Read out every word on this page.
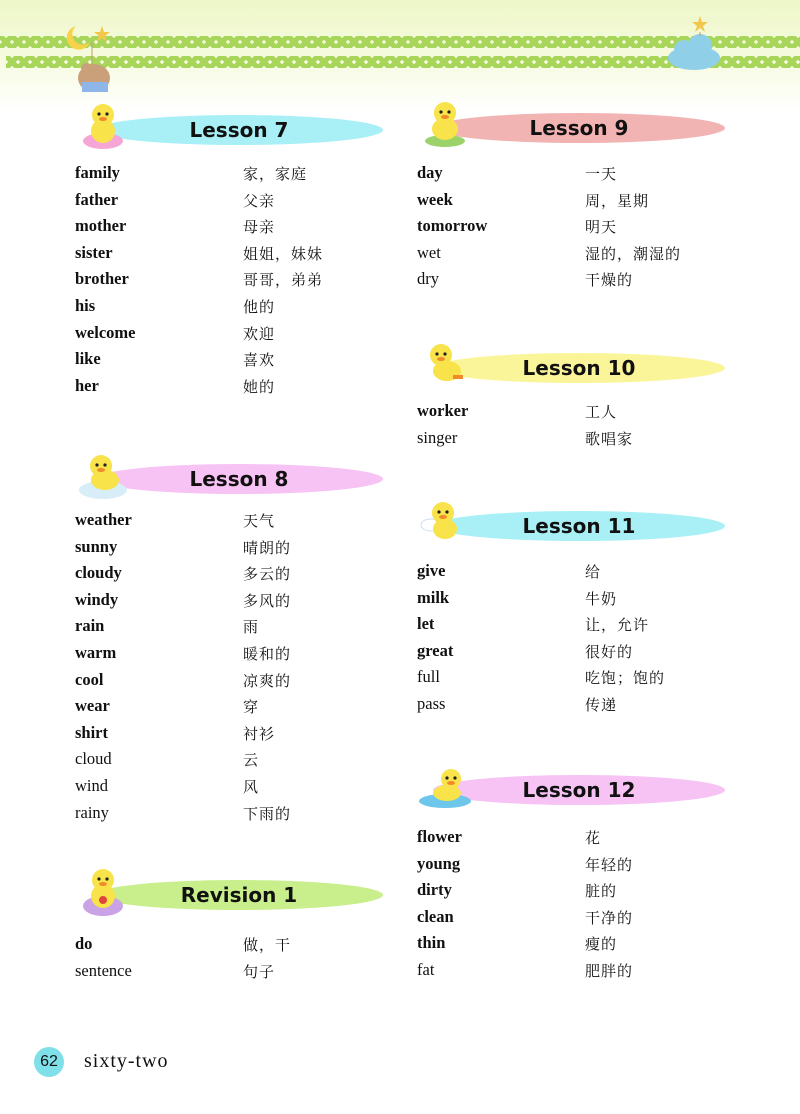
Lesson 7
family	家，家庭
father	父亲
mother	母亲
sister	姐姐，妹妹
brother	哥哥，弟弟
his	他的
welcome	欢迎
like	喜欢
her	她的
Lesson 8
weather	天气
sunny	晴朗的
cloudy	多云的
windy	多风的
rain	雨
warm	暖和的
cool	凉爽的
wear	穿
shirt	衬衫
cloud	云
wind	风
rainy	下雨的
Revision 1
do	做，干
sentence	句子
Lesson 9
day	一天
week	周，星期
tomorrow	明天
wet	湿的，潮湿的
dry	干燥的
Lesson 10
worker	工人
singer	歌唱家
Lesson 11
give	给
milk	牛奶
let	让，允许
great	很好的
full	吃饱；饱的
pass	传递
Lesson 12
flower	花
young	年轻的
dirty	脏的
clean	干净的
thin	瘦的
fat	肥胖的
62	sixty-two
